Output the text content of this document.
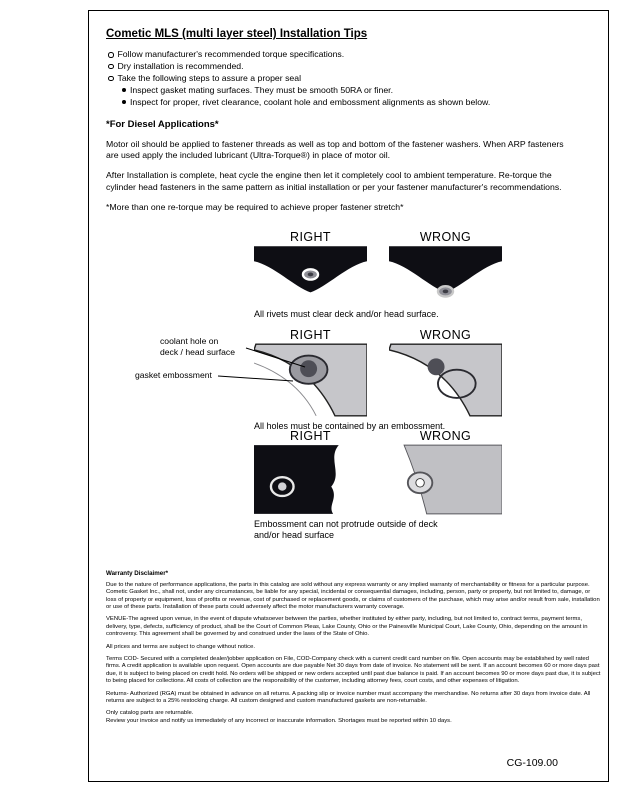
Cometic MLS (multi layer steel) Installation Tips
Follow manufacturer's recommended torque specifications.
Dry installation is recommended.
Take the following steps to assure a proper seal
Inspect gasket mating surfaces. They must be smooth 50RA or finer.
Inspect for proper, rivet clearance, coolant hole and embossment alignments as shown below.
*For Diesel Applications*

Motor oil should be applied to fastener threads as well as top and bottom of the fastener washers. When ARP fasteners are used apply the included lubricant (Ultra-Torque®) in place of motor oil.

After Installation is complete, heat cycle the engine then let it completely cool to ambient temperature. Re-torque the cylinder head fasteners in the same pattern as initial installation or per your fastener manufacturer's recommendations.

*More than one re-torque may be required to achieve proper fastener stretch*

RIGHT	WRONG
All rivets must clear deck and/or head surface.
RIGHT	WRONG
coolant hole on
deck / head surface
gasket embossment
All holes must be contained by an embossment.
RIGHT	WRONG
Embossment can not protrude outside of deck
and/or head surface
Warranty Disclaimer*

Due to the nature of performance applications, the parts in this catalog are sold without any express warranty or any implied warranty of merchantability or fitness for a particular purpose. Cometic Gasket Inc., shall not, under any circumstances, be liable for any special, incidental or consequential damages, including, person, party or property, but not limited to, damage, or loss of property or equipment, loss of profits or revenue, cost of purchased or replacement goods, or claims of customers of the purchase, which may arise and/or result from sale, installation or use of these parts. Installation of these parts could adversely affect the motor manufacturers warranty coverage.

VENUE-The agreed upon venue, in the event of dispute whatsoever between the parties, whether instituted by either party, including, but not limited to, contract terms, payment terms, delivery, type, defects, sufficiency of product, shall be the Court of Common Pleas, Lake County, Ohio or the Painesville Municipal Court, Lake County, Ohio, depending on the amount in controversy. This agreement shall be governed by and construed under the laws of the State of Ohio.

All prices and terms are subject to change without notice.

Terms COD- Secured with a completed dealer/jobber application on File, COD-Company check with a current credit card number on file. Open accounts may be established by well rated firms. A credit application is available upon request. Open accounts are due payable Net 30 days from date of invoice. No statement will be sent. If an account becomes 60 or more days past due, it is subject to being placed on credit hold. No orders will be shipped or new orders accepted until past due balance is paid. If an account becomes 90 or more days past due, it is subject to being placed for collections. All costs of collection are the responsibility of the customer, including attorney fees, court costs, and other expenses of litigation.

Returns- Authorized (RGA) must be obtained in advance on all returns. A packing slip or invoice number must accompany the merchandise. No returns after 30 days from invoice date. All returns are subject to a 25% restocking charge. All custom designed and custom manufactured gaskets are non-returnable.

Only catalog parts are returnable.

Review your invoice and notify us immediately of any incorrect or inaccurate information. Shortages must be reported within 10 days.

CG-109.00
